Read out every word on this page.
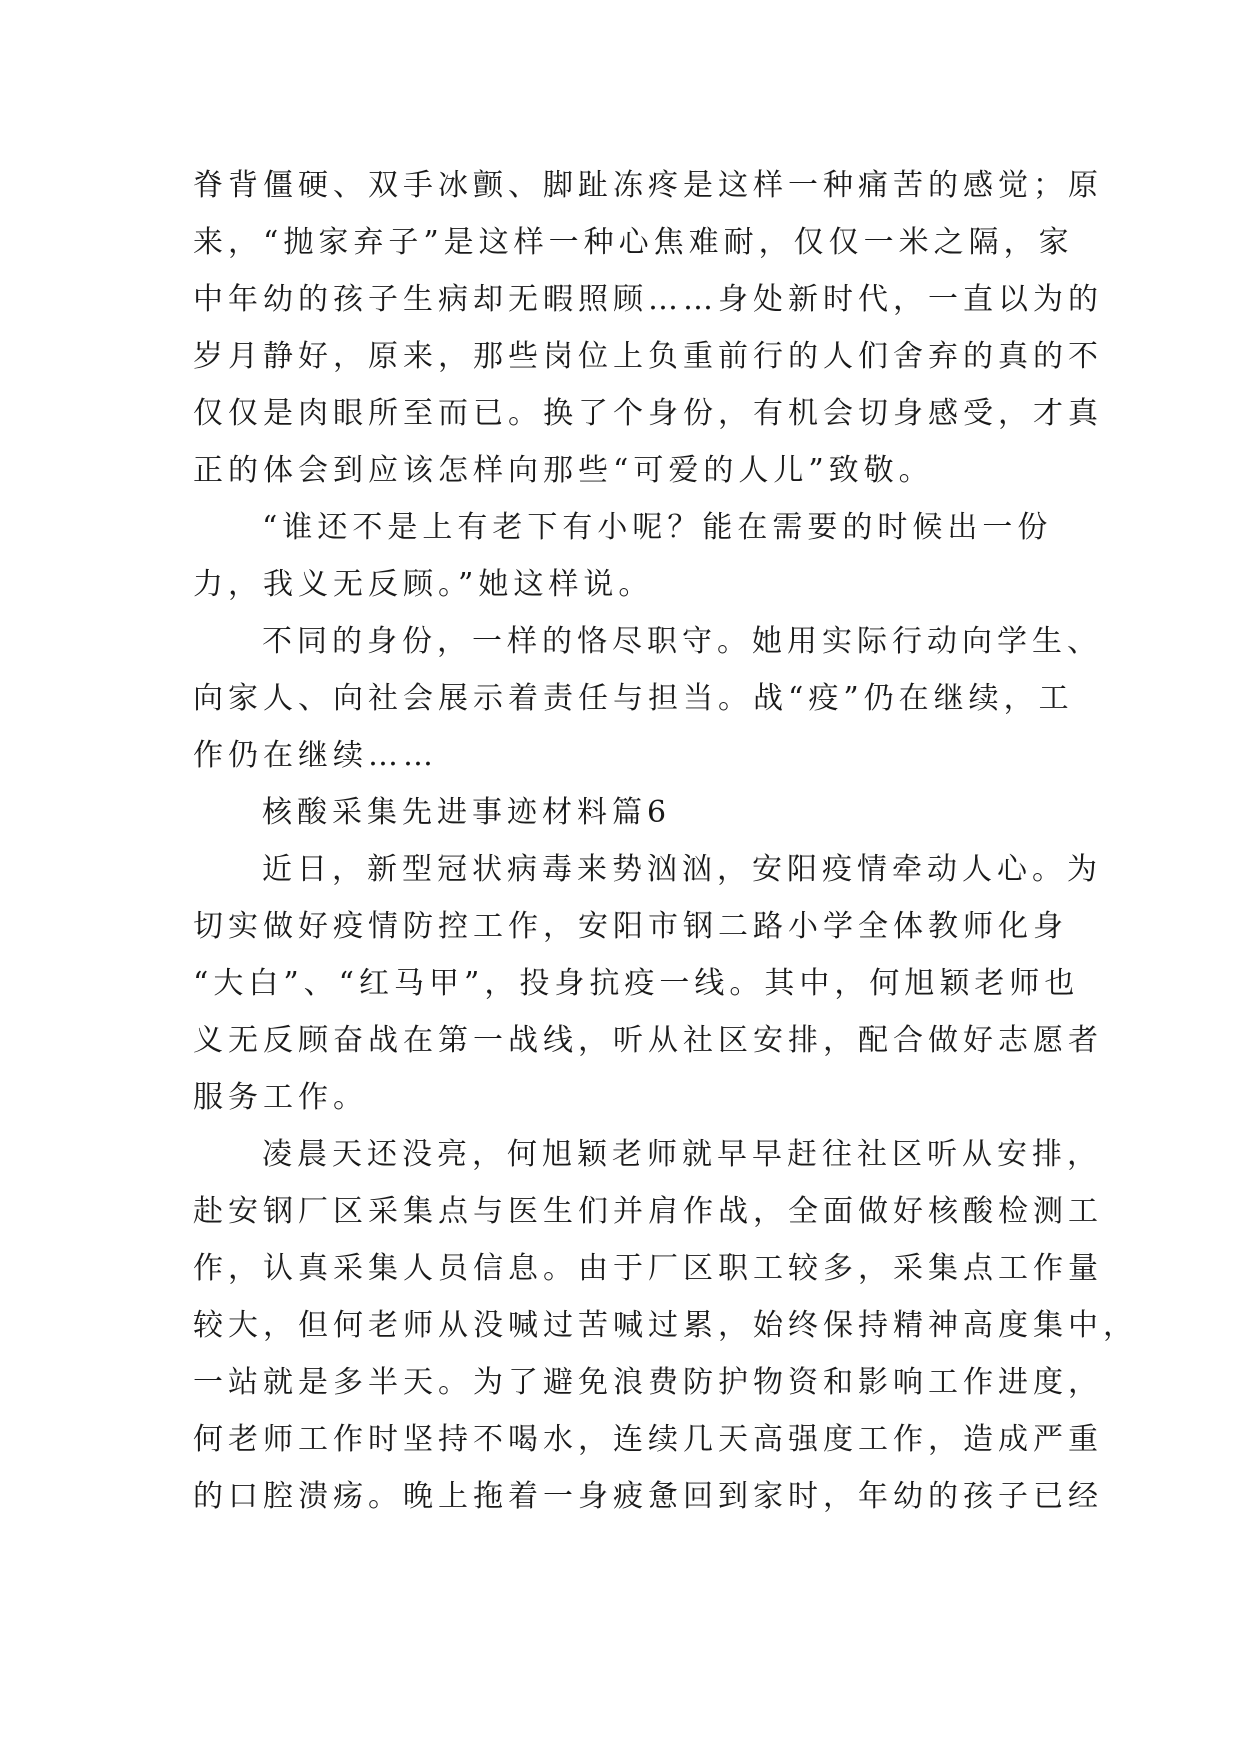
脊背僵硬、双手冰颤、脚趾冻疼是这样一种痛苦的感觉；原
来，“抛家弃子”是这样一种心焦难耐，仅仅一米之隔，家
中年幼的孩子生病却无暇照顾……身处新时代，一直以为的
岁月静好，原来，那些岗位上负重前行的人们舍弃的真的不
仅仅是肉眼所至而已。换了个身份，有机会切身感受，才真
正的体会到应该怎样向那些“可爱的人儿”致敬。
“谁还不是上有老下有小呢？能在需要的时候出一份
力，我义无反顾。”她这样说。
不同的身份，一样的恪尽职守。她用实际行动向学生、
向家人、向社会展示着责任与担当。战“疫”仍在继续，工
作仍在继续……
核酸采集先进事迹材料篇6
近日，新型冠状病毒来势汹汹，安阳疫情牵动人心。为
切实做好疫情防控工作，安阳市钢二路小学全体教师化身
“大白”、“红马甲”，投身抗疫一线。其中，何旭颖老师也
义无反顾奋战在第一战线，听从社区安排，配合做好志愿者
服务工作。
凌晨天还没亮，何旭颖老师就早早赶往社区听从安排，
赴安钢厂区采集点与医生们并肩作战，全面做好核酸检测工
作，认真采集人员信息。由于厂区职工较多，采集点工作量
较大，但何老师从没喊过苦喊过累，始终保持精神高度集中，
一站就是多半天。为了避免浪费防护物资和影响工作进度，
何老师工作时坚持不喝水，连续几天高强度工作，造成严重
的口腔溃疡。晚上拖着一身疲惫回到家时，年幼的孩子已经
